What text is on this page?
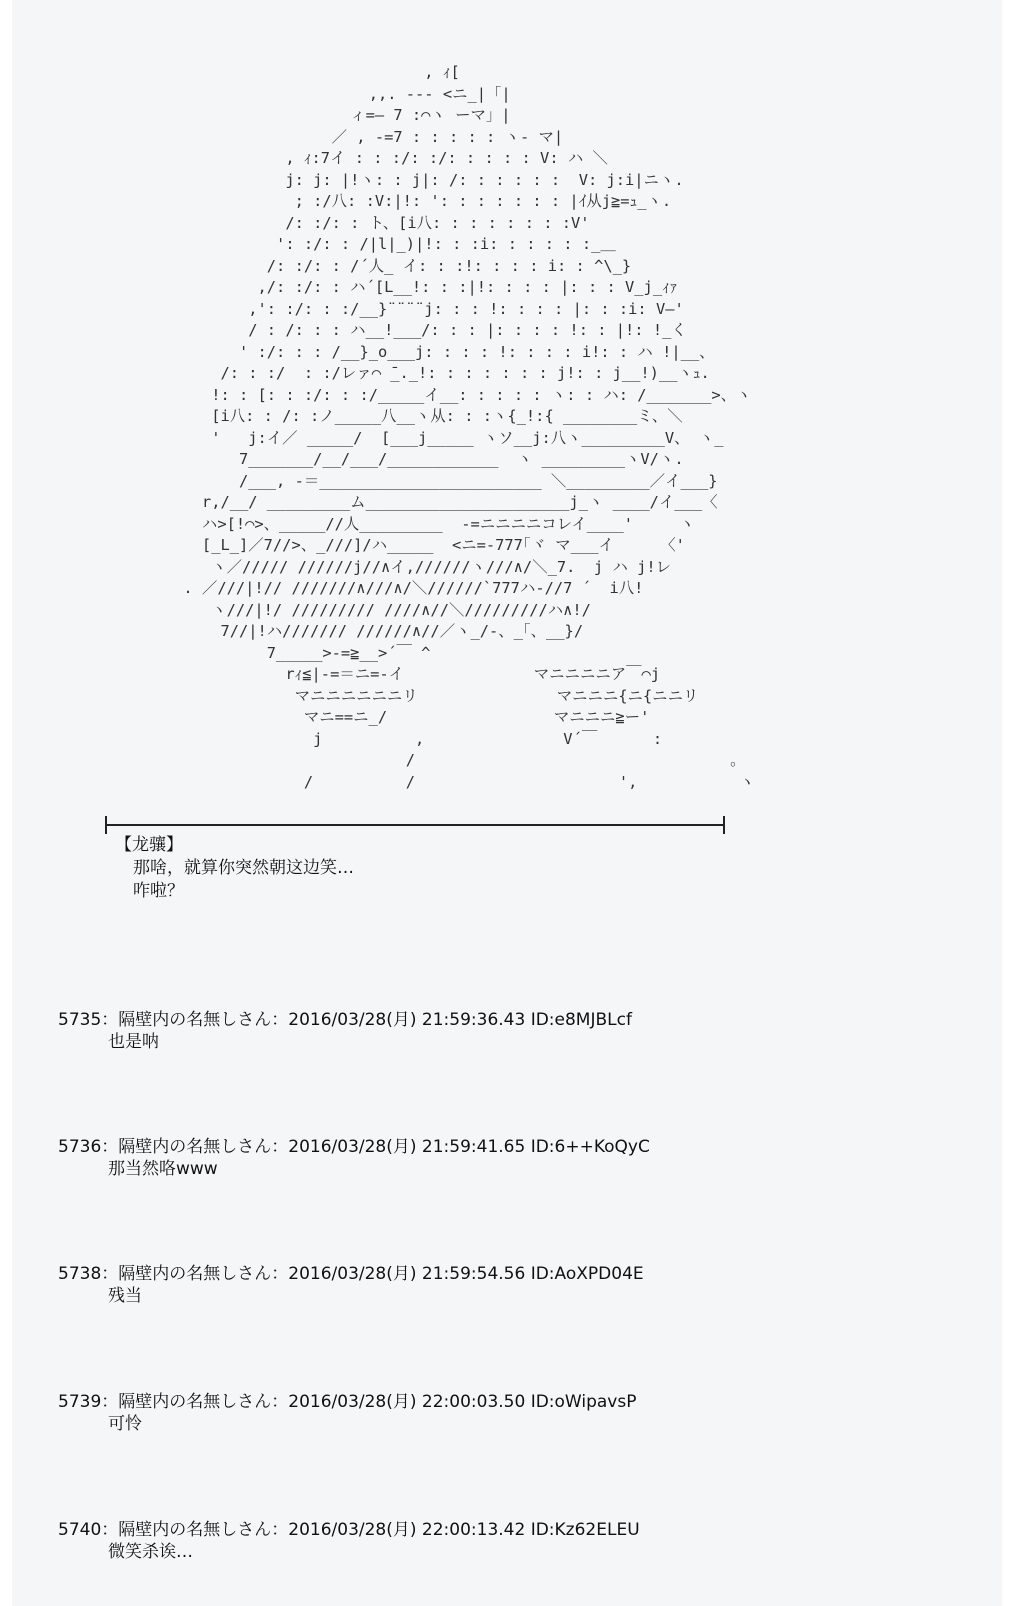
, ｨ[
,,. -‐- <ニ_|「|
ィ=― 7 :⌒ヽ ーマ」|
／ , -=7 : : : : : ヽ- マ|
, ｨ:7イ : : :/: :/: : : : : V: ハ ＼
j: j: |!ヽ: : j|: /: : : : : :  V: j:i|ニヽ.
; :/八: :V:|!: ': : : : : : : |ｲ从j≧=ｭ_ヽ.
/: :/: : ト、[i八: : : : : : : :V'
': :/: : /|l|_)|!: : :i: : : : : :_＿
/: :/: : /´人_ イ: : :!: : : : i: : ^\_}
,/: :/: : ハ´[L__!: : :|!: : : : |: : : V_j_ｨｧ
,': :/: : :/__}¨¨¨¨j: : : !: : : : |: : :i: V―'
/ : /: : : ハ__!___/: : : |: : : : !: : |!: !_く
' :/: : : /__}_o___j: : : : !: : : : i!: : ハ !|__、
/: : :/  : :/レァ⌒ ̄_._!: : : : : : : j!: : j__!)__ヽｭ.
!: : [: : :/: : :/_____イ__: : : : : ヽ: : ハ: /_______>、ヽ
[i八: : /: :ノ_____八__ヽ从: : :ヽ{_!:{ ________ミ、＼
'   j:イ／ _____/  [___j_____ ヽソ__j:八ヽ_________V、 ヽ_
7_______/__/___/____________  ヽ _________ヽV/ヽ.
/___, -＝________________________ ＼_________／イ___}
r,/__/ _________ム______________________j_ヽ ____/イ___〈
ハ>[!⌒>、_____//人_________  -=ニニニニコレイ____'     ヽ
[_L_]／7//>、_///]/ハ_____  <ニ=-777｢ヾ マ___イ     〈'
ヽ／///// //////j//∧イ,//////ヽ///∧/＼_7.  j ハ j!レ
. ／///|!// ///////∧///∧/＼//////`777ハ-//7 ´  i八!
ヽ///|!/ ///////// ////∧//＼/////////ハ∧!/
7//|!ハ/////// //////∧//／ヽ_/-、_｢、__}/
7_____>-=≧__>´￣ ^
rｨ≦|-=＝ニ=-イ              マニニニニア￣⌒j
マニニニニニニリ               マニニニ{ニ{ニニリ
マニ==ニ_/                  マニニニ≧ー'
j          ,               V´￣      :
/                                  ｡
/          /                      ',           ヽ
【龙骧】
那啥，就算你突然朝这边笑…
咋啦？
5735：隔壁内の名無しさん：2016/03/28(月) 21:59:36.43 ID:e8MJBLcf
也是呐
5736：隔壁内の名無しさん：2016/03/28(月) 21:59:41.65 ID:6++KoQyC
那当然咯www
5738：隔壁内の名無しさん：2016/03/28(月) 21:59:54.56 ID:AoXPD04E
残当
5739：隔壁内の名無しさん：2016/03/28(月) 22:00:03.50 ID:oWipavsP
可怜
5740：隔壁内の名無しさん：2016/03/28(月) 22:00:13.42 ID:Kz62ELEU
微笑杀诶…
